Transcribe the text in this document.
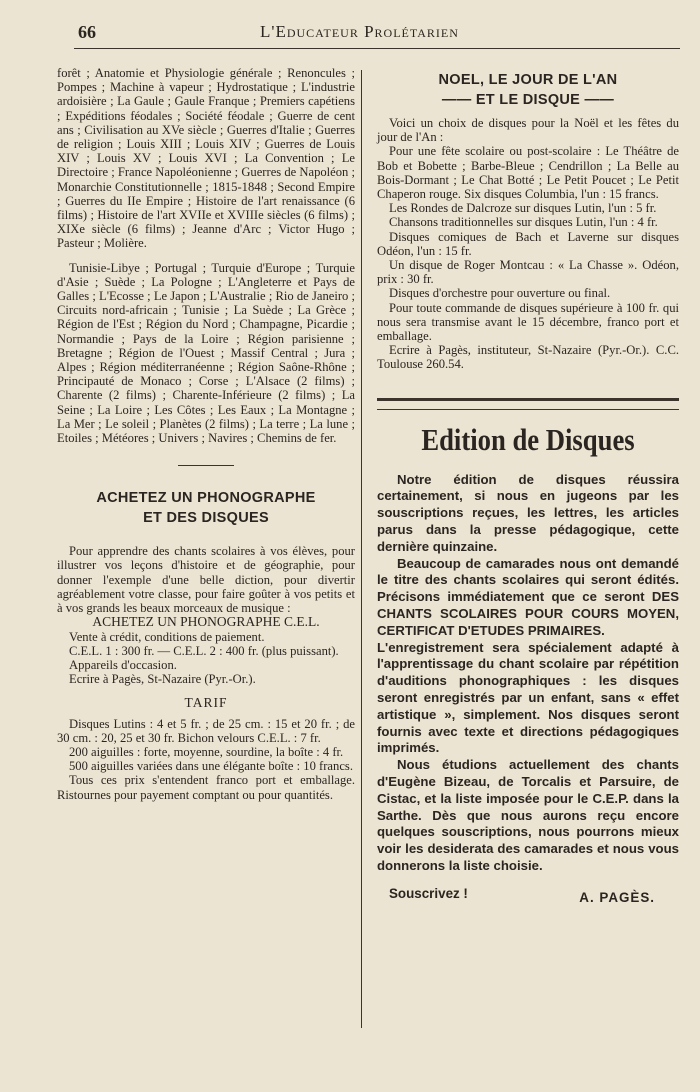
66	L'Educateur Prolétarien

forêt ; Anatomie et Physiologie générale ; Renoncules ; Pompes ; Machine à vapeur ; Hydrostatique ; L'industrie ardoisière ; La Gaule ; Gaule Franque ; Premiers capétiens ; Expéditions féodales ; Société féodale ; Guerre de cent ans ; Civilisation au XVe siècle ; Guerres d'Italie ; Guerres de religion ; Louis XIII ; Louis XIV ; Guerres de Louis XIV ; Louis XV ; Louis XVI ; La Convention ; Le Directoire ; France Napoléonienne ; Guerres de Napoléon ; Monarchie Constitutionnelle ; 1815-1848 ; Second Empire ; Guerres du IIe Empire ; Histoire de l'art renaissance (6 films) ; Histoire de l'art XVIIe et XVIIIe siècles (6 films) ; XIXe siècle (6 films) ; Jeanne d'Arc ; Victor Hugo ; Pasteur ; Molière.

Tunisie-Libye ; Portugal ; Turquie d'Europe ; Turquie d'Asie ; Suède ; La Pologne ; L'Angleterre et Pays de Galles ; L'Ecosse ; Le Japon ; L'Australie ; Rio de Janeiro ; Circuits nord-africain ; Tunisie ; La Suède ; La Grèce ; Région de l'Est ; Région du Nord ; Champagne, Picardie ; Normandie ; Pays de la Loire ; Région parisienne ; Bretagne ; Région de l'Ouest ; Massif Central ; Jura ; Alpes ; Région méditerranéenne ; Région Saône-Rhône ; Principauté de Monaco ; Corse ; L'Alsace (2 films) ; Charente (2 films) ; Charente-Inférieure (2 films) ; La Seine ; La Loire ; Les Côtes ; Les Eaux ; La Montagne ; La Mer ; Le soleil ; Planètes (2 films) ; La terre ; La lune ; Etoiles ; Météores ; Univers ; Navires ; Chemins de fer.

ACHETEZ UN PHONOGRAPHE
ET DES DISQUES

Pour apprendre des chants scolaires à vos élèves, pour illustrer vos leçons d'histoire et de géographie, pour donner l'exemple d'une belle diction, pour divertir agréablement votre classe, pour faire goûter à vos petits et à vos grands les beaux morceaux de musique :

ACHETEZ UN PHONOGRAPHE C.E.L.

Vente à crédit, conditions de paiement.

C.E.L. 1 : 300 fr. — C.E.L. 2 : 400 fr. (plus puissant).

Appareils d'occasion.

Ecrire à Pagès, St-Nazaire (Pyr.-Or.).

TARIF

Disques Lutins : 4 et 5 fr. ; de 25 cm. : 15 et 20 fr. ; de 30 cm. : 20, 25 et 30 fr. Bichon velours C.E.L. : 7 fr.

200 aiguilles : forte, moyenne, sourdine, la boîte : 4 fr.

500 aiguilles variées dans une élégante boîte : 10 francs.

Tous ces prix s'entendent franco port et emballage. Ristournes pour payement comptant ou pour quantités.

NOEL, LE JOUR DE L'AN
—— ET LE DISQUE ——

Voici un choix de disques pour la Noël et les fêtes du jour de l'An :

Pour une fête scolaire ou post-scolaire : Le Théâtre de Bob et Bobette ; Barbe-Bleue ; Cendrillon ; La Belle au Bois-Dormant ; Le Chat Botté ; Le Petit Poucet ; Le Petit Chaperon rouge. Six disques Columbia, l'un : 15 francs.

Les Rondes de Dalcroze sur disques Lutin, l'un : 5 fr.

Chansons traditionnelles sur disques Lutin, l'un : 4 fr.

Disques comiques de Bach et Laverne sur disques Odéon, l'un : 15 fr.

Un disque de Roger Montcau : « La Chasse ». Odéon, prix : 30 fr.

Disques d'orchestre pour ouverture ou final.

Pour toute commande de disques supérieure à 100 fr. qui nous sera transmise avant le 15 décembre, franco port et emballage.

Ecrire à Pagès, instituteur, St-Nazaire (Pyr.-Or.). C.C. Toulouse 260.54.

Edition de Disques

Notre édition de disques réussira certainement, si nous en jugeons par les souscriptions reçues, les lettres, les articles parus dans la presse pédagogique, cette dernière quinzaine.

Beaucoup de camarades nous ont demandé le titre des chants scolaires qui seront édités. Précisons immédiatement que ce seront DES CHANTS SCOLAIRES POUR COURS MOYEN, CERTIFICAT D'ETUDES PRIMAIRES.

L'enregistrement sera spécialement adapté à l'apprentissage du chant scolaire par répétition d'auditions phonographiques : les disques seront enregistrés par un enfant, sans « effet artistique », simplement. Nos disques seront fournis avec texte et directions pédagogiques imprimés.

Nous étudions actuellement des chants d'Eugène Bizeau, de Torcalis et Parsuire, de Cistac, et la liste imposée pour le C.E.P. dans la Sarthe. Dès que nous aurons reçu encore quelques souscriptions, nous pourrons mieux voir les desiderata des camarades et nous vous donnerons la liste choisie.

Souscrivez !	A. PAGÈS.
